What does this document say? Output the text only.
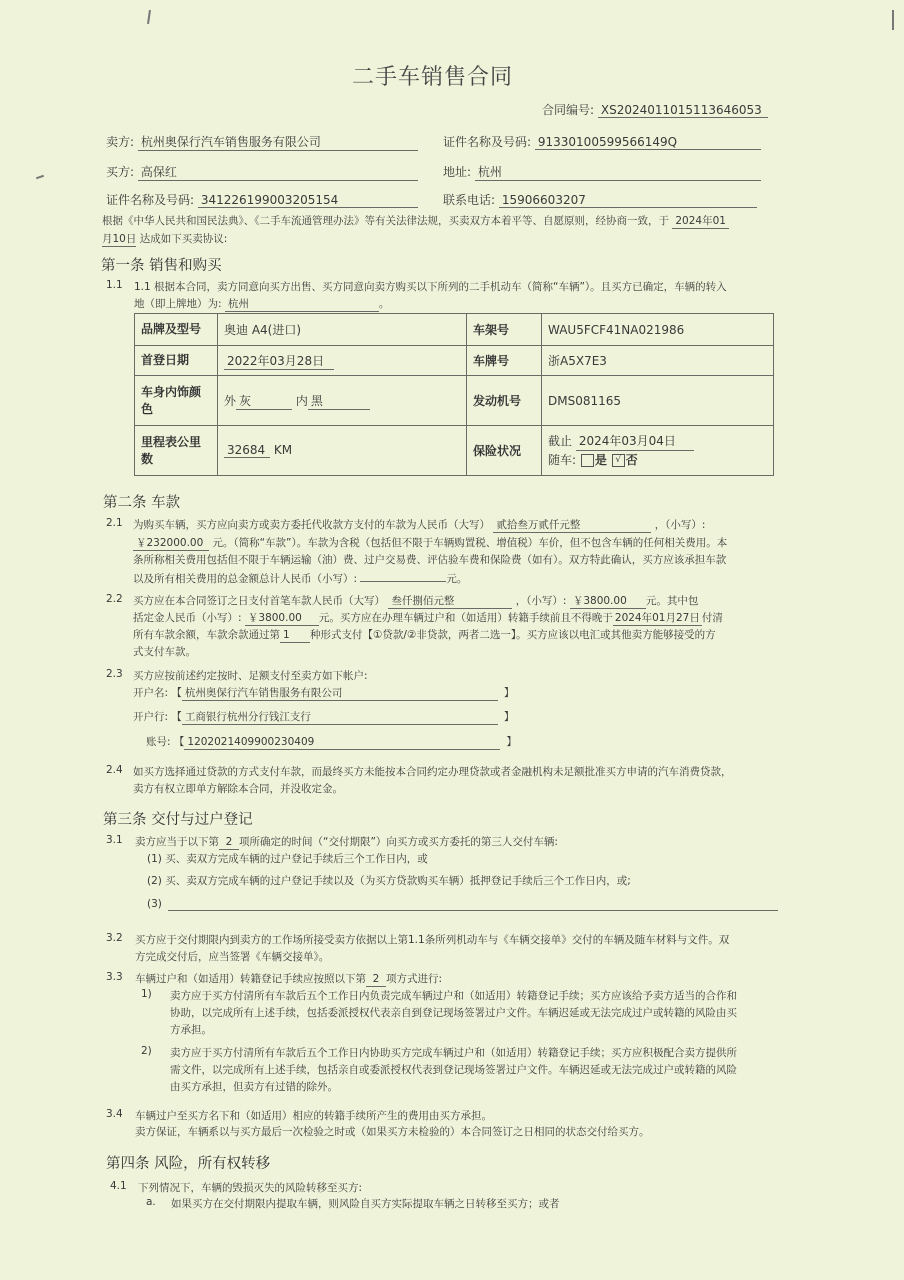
二手车销售合同
合同编号: XS2024011015113646053
卖方: 杭州奥保行汽车销售服务有限公司	证件名称及号码: 91330100599566149Q
买方: 高保红	地址: 杭州
证件名称及号码: 341226199003205154	联系电话: 15906603207
根据《中华人民共和国民法典》、《二手车流通管理办法》等有关法律法规，买卖双方本着平等、自愿原则，经协商一致，于 2024年01
月10日 达成如下买卖协议:
第一条 销售和购买
1.1 1.1 根据本合同，卖方同意向买方出售、买方同意向卖方购买以下所列的二手机动车（简称“车辆”）。且买方已确定，车辆的转入
地（即上牌地）为: 杭州	。
品牌及型号	奥迪 A4(进口)	车架号	WAU5FCF41NA021986
首登日期	2022年03月28日	车牌号	浙A5X7E3
车身内饰颜色	外 灰 内 黑	发动机号	DMS081165
里程表公里数	32684 KM	保险状况	截止 2024年03月04日
随车: 是 √ 否
第二条 车款
2.1 为购买车辆，买方应向卖方或卖方委托代收款方支付的车款为人民币（大写） 贰拾叁万贰仟元整	，（小写）:
￥232000.00 元。（简称“车款”）。车款为含税（包括但不限于车辆购置税、增值税）车价，但不包含车辆的任何相关费用。本
条所称相关费用包括但不限于车辆运输（油）费、过户交易费、评估验车费和保险费（如有）。双方特此确认，买方应该承担车款
以及所有相关费用的总金额总计人民币（小写）:	元。
2.2 买方应在本合同签订之日支付首笔车款人民币（大写） 叁仟捌佰元整	，（小写）: ￥3800.00 元。其中包
括定金人民币（小写）: ￥3800.00 元。买方应在办理车辆过户和（如适用）转籍手续前且不得晚于 2024年01月27日 付清
所有车款余额，车款余款通过第 1 种形式支付【①贷款/②非贷款，两者二选一】。买方应该以电汇或其他卖方能够接受的方
式支付车款。
2.3 买方应按前述约定按时、足额支付至卖方如下帐户:
开户名: 【 杭州奥保行汽车销售服务有限公司	】
开户行: 【 工商银行杭州分行钱江支行	】
账号: 【 1202021409900230409	】
2.4 如买方选择通过贷款的方式支付车款，而最终买方未能按本合同约定办理贷款或者金融机构未足额批准买方申请的汽车消费贷款，
卖方有权立即单方解除本合同，并没收定金。
第三条 交付与过户登记
3.1 卖方应当于以下第 2 项所确定的时间（“交付期限”）向买方或买方委托的第三人交付车辆:
(1) 买、卖双方完成车辆的过户登记手续后三个工作日内，或
(2) 买、卖双方完成车辆的过户登记手续以及（为买方贷款购买车辆）抵押登记手续后三个工作日内，或;
(3)
3.2 买方应于交付期限内到卖方的工作场所接受卖方依据以上第1.1条所列机动车与《车辆交接单》交付的车辆及随车材料与文件。双
方完成交付后，应当签署《车辆交接单》。
3.3 车辆过户和（如适用）转籍登记手续应按照以下第 2 项方式进行:
1) 卖方应于买方付清所有车款后五个工作日内负责完成车辆过户和（如适用）转籍登记手续；买方应该给予卖方适当的合作和
协助，以完成所有上述手续，包括委派授权代表亲自到登记现场签署过户文件。车辆迟延或无法完成过户或转籍的风险由买
方承担。
2) 卖方应于买方付清所有车款后五个工作日内协助买方完成车辆过户和（如适用）转籍登记手续；买方应积极配合卖方提供所
需文件，以完成所有上述手续，包括亲自或委派授权代表到登记现场签署过户文件。车辆迟延或无法完成过户或转籍的风险
由买方承担，但卖方有过错的除外。
3.4 车辆过户至买方名下和（如适用）相应的转籍手续所产生的费用由买方承担。
卖方保证，车辆系以与买方最后一次检验之时或（如果买方未检验的）本合同签订之日相同的状态交付给买方。
第四条 风险，所有权转移
4.1 下列情况下，车辆的毁损灭失的风险转移至买方:
a. 如果买方在交付期限内提取车辆，则风险自买方实际提取车辆之日转移至买方；或者
